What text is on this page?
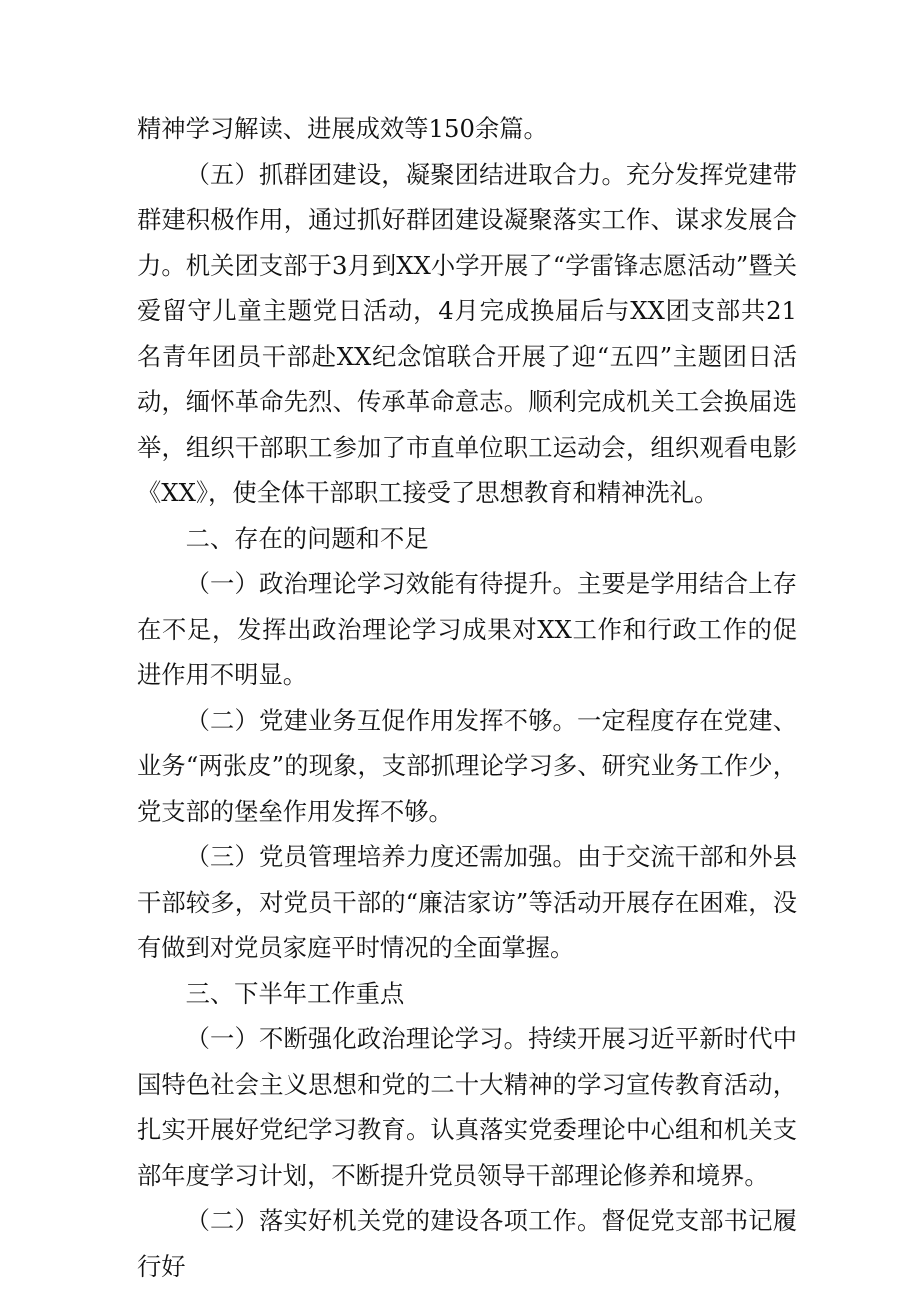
精神学习解读、进展成效等150余篇。

（五）抓群团建设，凝聚团结进取合力。充分发挥党建带群建积极作用，通过抓好群团建设凝聚落实工作、谋求发展合力。机关团支部于3月到XX小学开展了“学雷锋志愿活动”暨关爱留守儿童主题党日活动，4月完成换届后与XX团支部共21名青年团员干部赴XX纪念馆联合开展了迎“五四”主题团日活动，缅怀革命先烈、传承革命意志。顺利完成机关工会换届选举，组织干部职工参加了市直单位职工运动会，组织观看电影《XX》，使全体干部职工接受了思想教育和精神洗礼。

二、存在的问题和不足

（一）政治理论学习效能有待提升。主要是学用结合上存在不足，发挥出政治理论学习成果对XX工作和行政工作的促进作用不明显。

（二）党建业务互促作用发挥不够。一定程度存在党建、业务“两张皮”的现象，支部抓理论学习多、研究业务工作少，党支部的堡垒作用发挥不够。

（三）党员管理培养力度还需加强。由于交流干部和外县干部较多，对党员干部的“廉洁家访”等活动开展存在困难，没有做到对党员家庭平时情况的全面掌握。

三、下半年工作重点

（一）不断强化政治理论学习。持续开展习近平新时代中国特色社会主义思想和党的二十大精神的学习宣传教育活动，扎实开展好党纪学习教育。认真落实党委理论中心组和机关支部年度学习计划，不断提升党员领导干部理论修养和境界。

（二）落实好机关党的建设各项工作。督促党支部书记履行好
